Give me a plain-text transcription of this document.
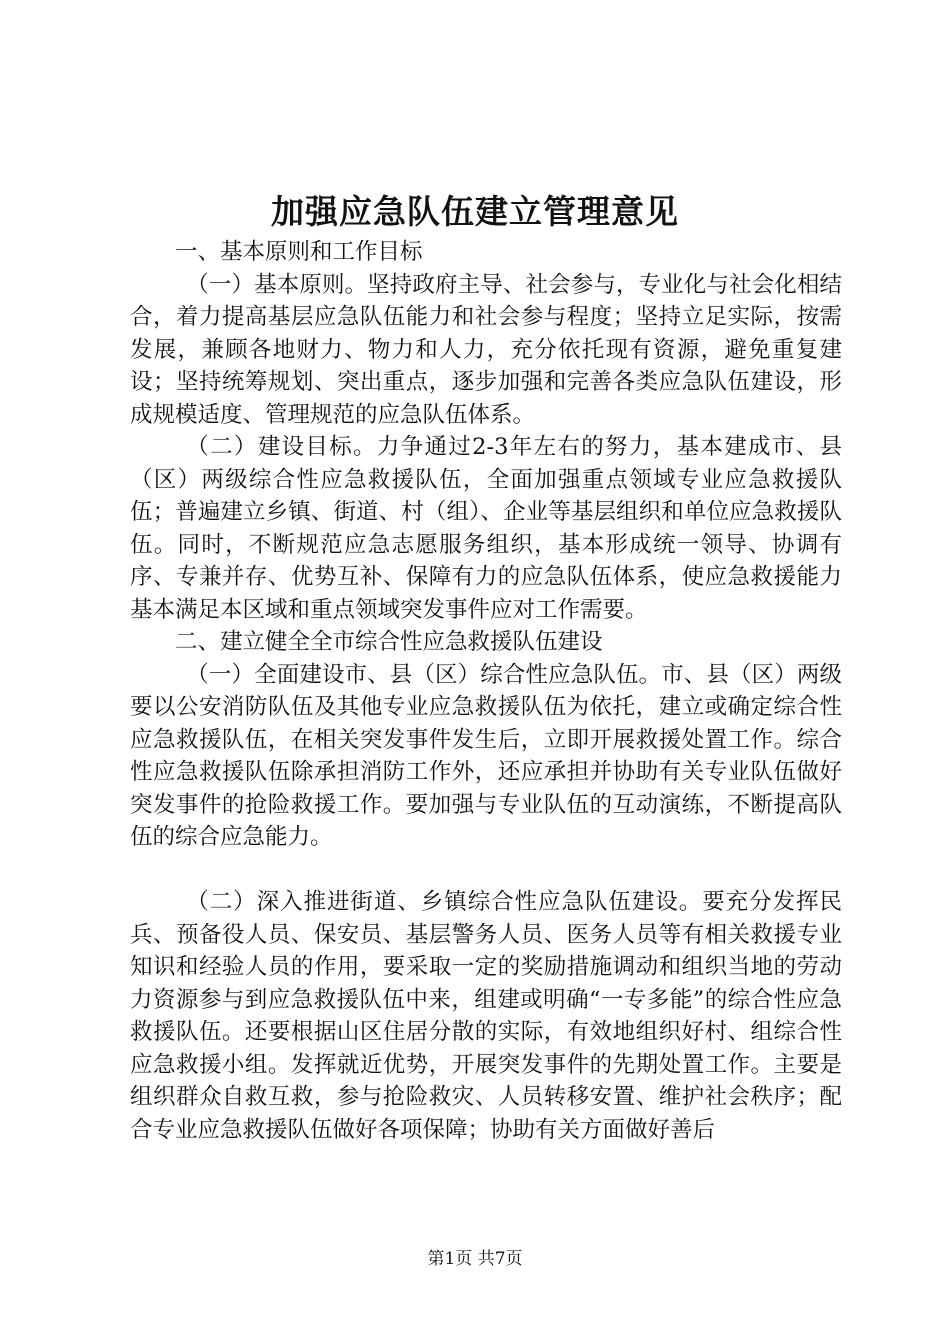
加强应急队伍建立管理意见

一、基本原则和工作目标

（一）基本原则。坚持政府主导、社会参与，专业化与社会化相结合，着力提高基层应急队伍能力和社会参与程度；坚持立足实际，按需发展，兼顾各地财力、物力和人力，充分依托现有资源，避免重复建设；坚持统筹规划、突出重点，逐步加强和完善各类应急队伍建设，形成规模适度、管理规范的应急队伍体系。

（二）建设目标。力争通过2-3年左右的努力，基本建成市、县（区）两级综合性应急救援队伍，全面加强重点领域专业应急救援队伍；普遍建立乡镇、街道、村（组）、企业等基层组织和单位应急救援队伍。同时，不断规范应急志愿服务组织，基本形成统一领导、协调有序、专兼并存、优势互补、保障有力的应急队伍体系，使应急救援能力基本满足本区域和重点领域突发事件应对工作需要。

二、建立健全全市综合性应急救援队伍建设

（一）全面建设市、县（区）综合性应急队伍。市、县（区）两级要以公安消防队伍及其他专业应急救援队伍为依托，建立或确定综合性应急救援队伍，在相关突发事件发生后，立即开展救援处置工作。综合性应急救援队伍除承担消防工作外，还应承担并协助有关专业队伍做好突发事件的抢险救援工作。要加强与专业队伍的互动演练，不断提高队伍的综合应急能力。

（二）深入推进街道、乡镇综合性应急队伍建设。要充分发挥民兵、预备役人员、保安员、基层警务人员、医务人员等有相关救援专业知识和经验人员的作用，要采取一定的奖励措施调动和组织当地的劳动力资源参与到应急救援队伍中来，组建或明确“一专多能”的综合性应急救援队伍。还要根据山区住居分散的实际，有效地组织好村、组综合性应急救援小组。发挥就近优势，开展突发事件的先期处置工作。主要是组织群众自救互救，参与抢险救灾、人员转移安置、维护社会秩序；配合专业应急救援队伍做好各项保障；协助有关方面做好善后

第1页 共7页
